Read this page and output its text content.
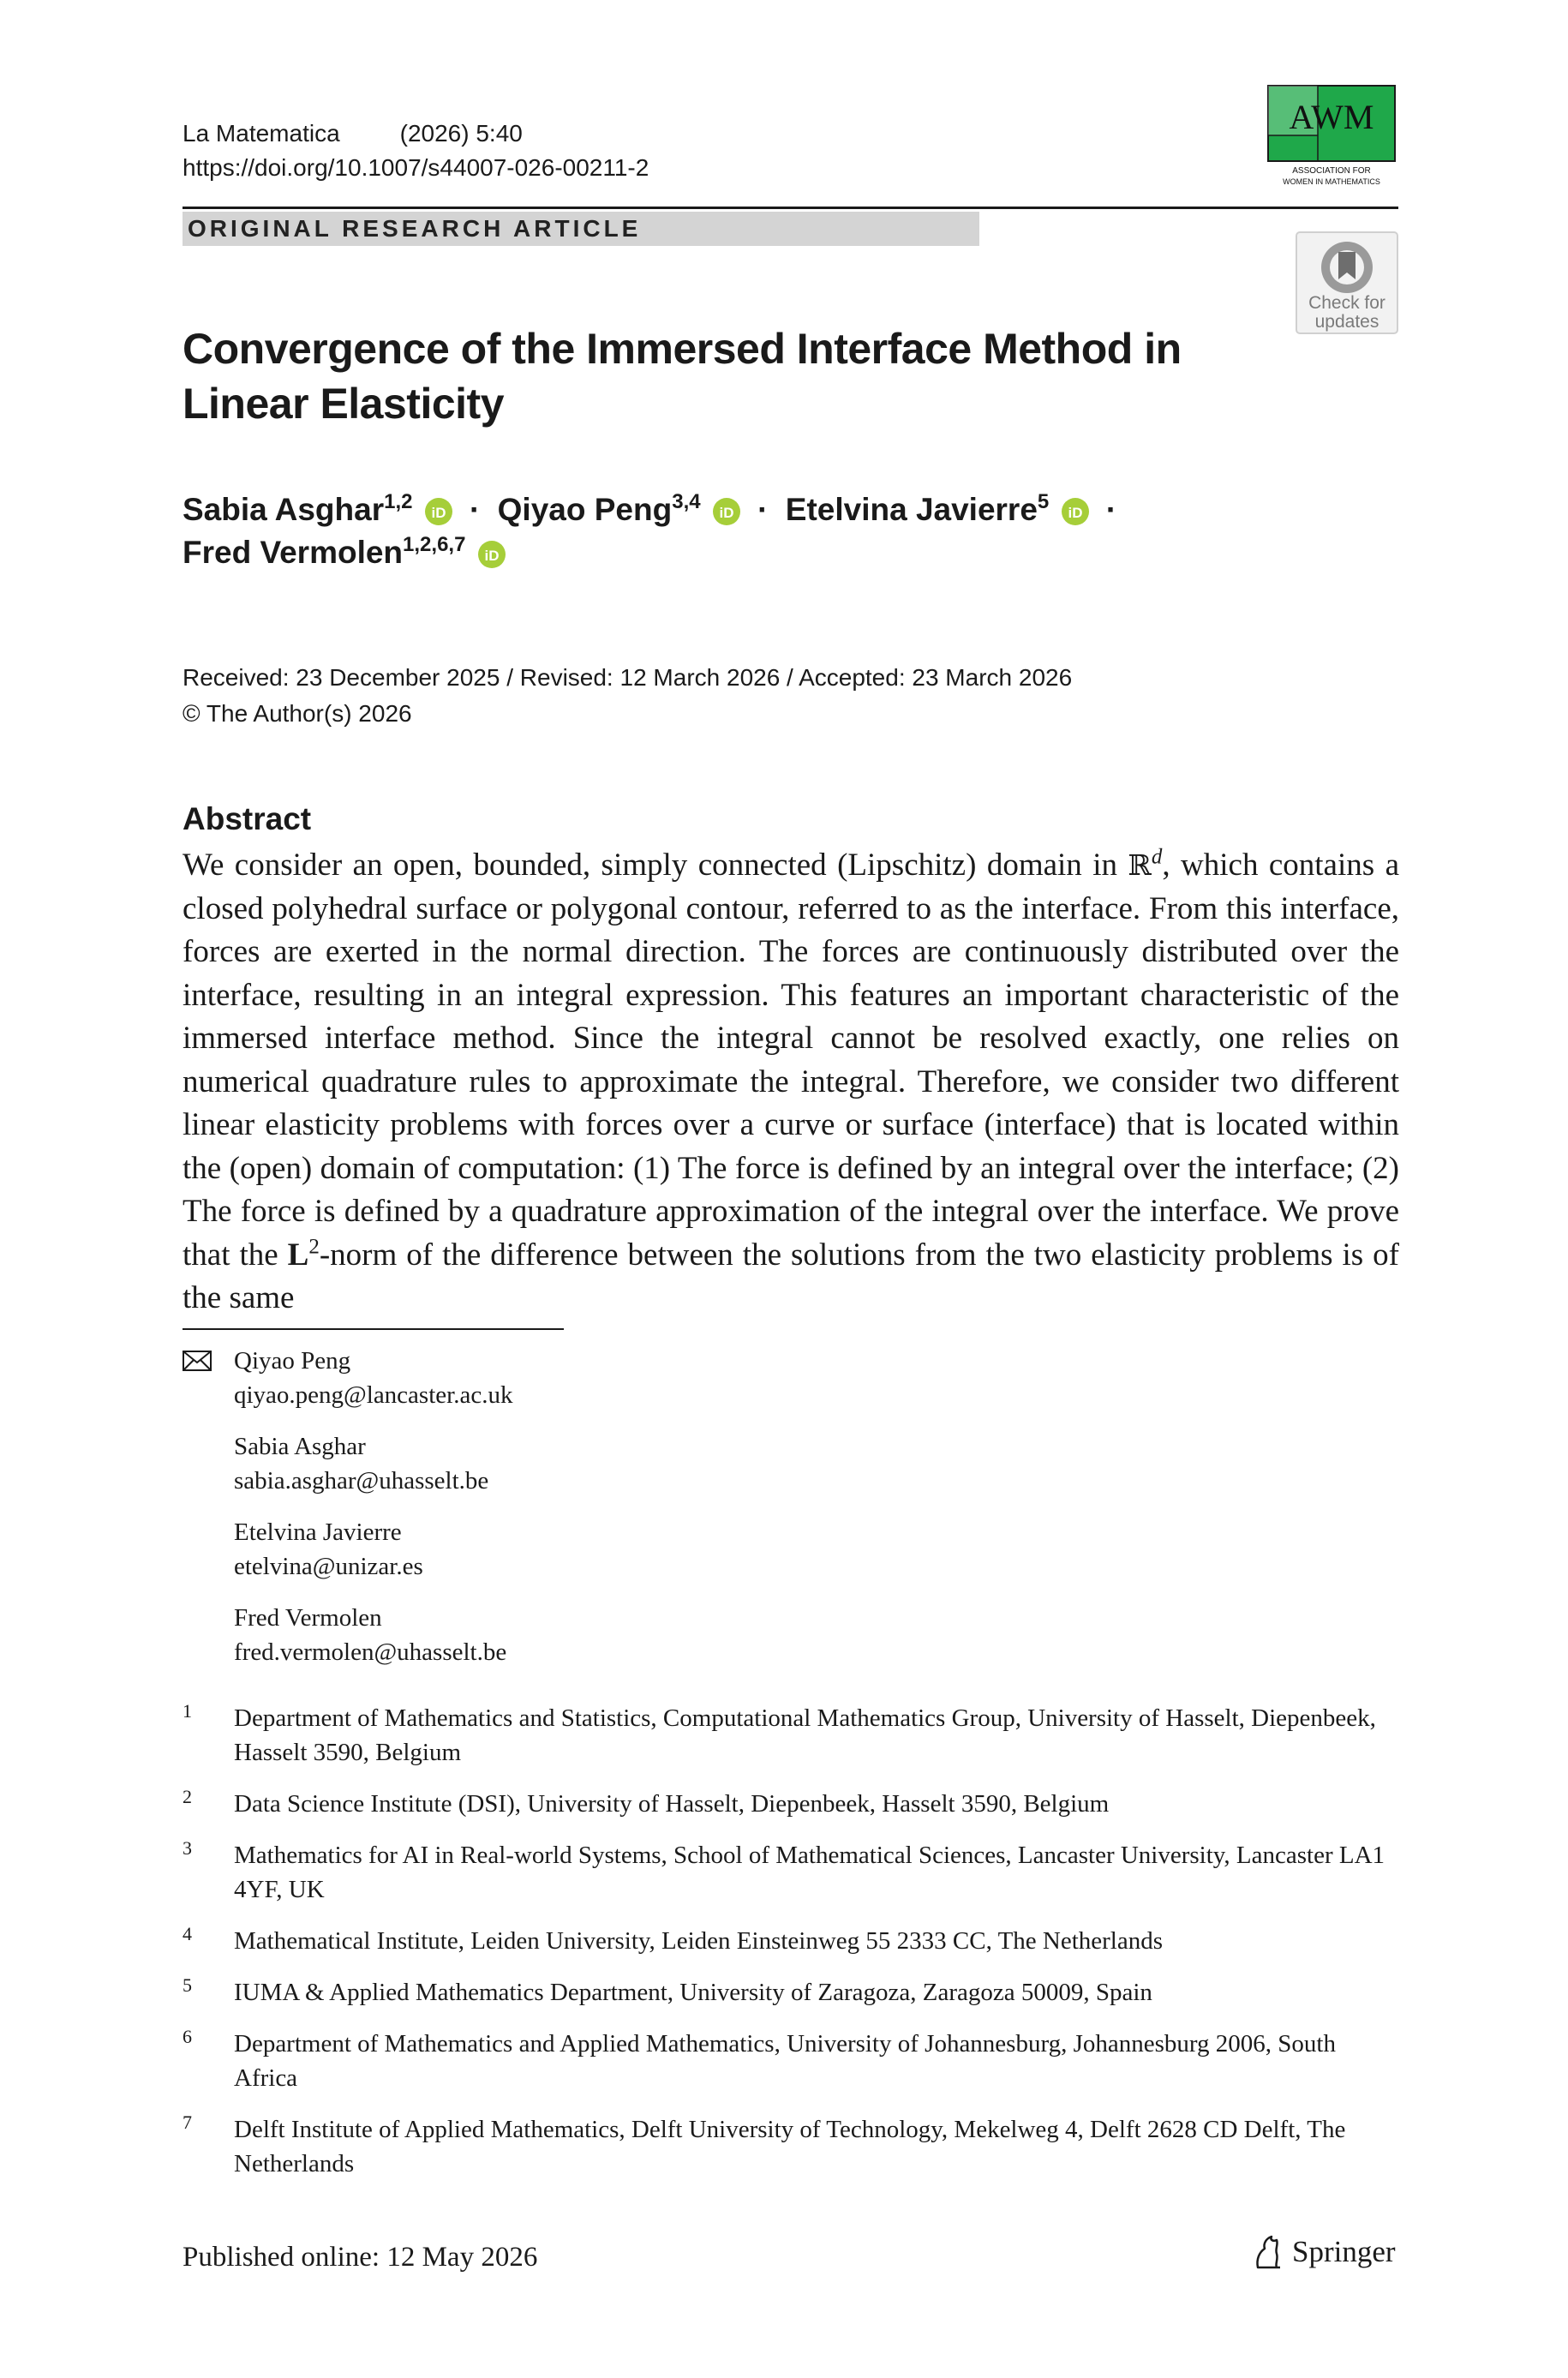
La Matematica	(2026) 5:40
https://doi.org/10.1007/s44007-026-00211-2
AWM
ASSOCIATION FOR
WOMEN IN MATHEMATICS
ORIGINAL RESEARCH ARTICLE
Check for
updates
Convergence of the Immersed Interface Method in Linear Elasticity
Sabia Asghar$^{1,2}$ iD · Qiyao Peng$^{3,4}$ iD · Etelvina Javierre$^5$ iD ·
Fred Vermolen$^{1,2,6,7}$ iD
Received: 23 December 2025 / Revised: 12 March 2026 / Accepted: 23 March 2026
© The Author(s) 2026
Abstract
We consider an open, bounded, simply connected (Lipschitz) domain in ℝ$^d$, which contains a closed polyhedral surface or polygonal contour, referred to as the interface. From this interface, forces are exerted in the normal direction. The forces are continuously distributed over the interface, resulting in an integral expression. This features an important characteristic of the immersed interface method. Since the integral cannot be resolved exactly, one relies on numerical quadrature rules to approximate the integral. Therefore, we consider two different linear elasticity problems with forces over a curve or surface (interface) that is located within the (open) domain of computation: (1) The force is defined by an integral over the interface; (2) The force is defined by a quadrature approximation of the integral over the interface. We prove that the $L^2$-norm of the difference between the solutions from the two elasticity problems is of the same
Qiyao Peng
qiyao.peng@lancaster.ac.uk
Sabia Asghar
sabia.asghar@uhasselt.be
Etelvina Javierre
etelvina@unizar.es
Fred Vermolen
fred.vermolen@uhasselt.be
1 Department of Mathematics and Statistics, Computational Mathematics Group, University of Hasselt, Diepenbeek, Hasselt 3590, Belgium
2 Data Science Institute (DSI), University of Hasselt, Diepenbeek, Hasselt 3590, Belgium
3 Mathematics for AI in Real-world Systems, School of Mathematical Sciences, Lancaster University, Lancaster LA1 4YF, UK
4 Mathematical Institute, Leiden University, Leiden Einsteinweg 55 2333 CC, The Netherlands
5 IUMA & Applied Mathematics Department, University of Zaragoza, Zaragoza 50009, Spain
6 Department of Mathematics and Applied Mathematics, University of Johannesburg, Johannesburg 2006, South Africa
7 Delft Institute of Applied Mathematics, Delft University of Technology, Mekelweg 4, Delft 2628 CD Delft, The Netherlands
Published online: 12 May 2026	Springer
